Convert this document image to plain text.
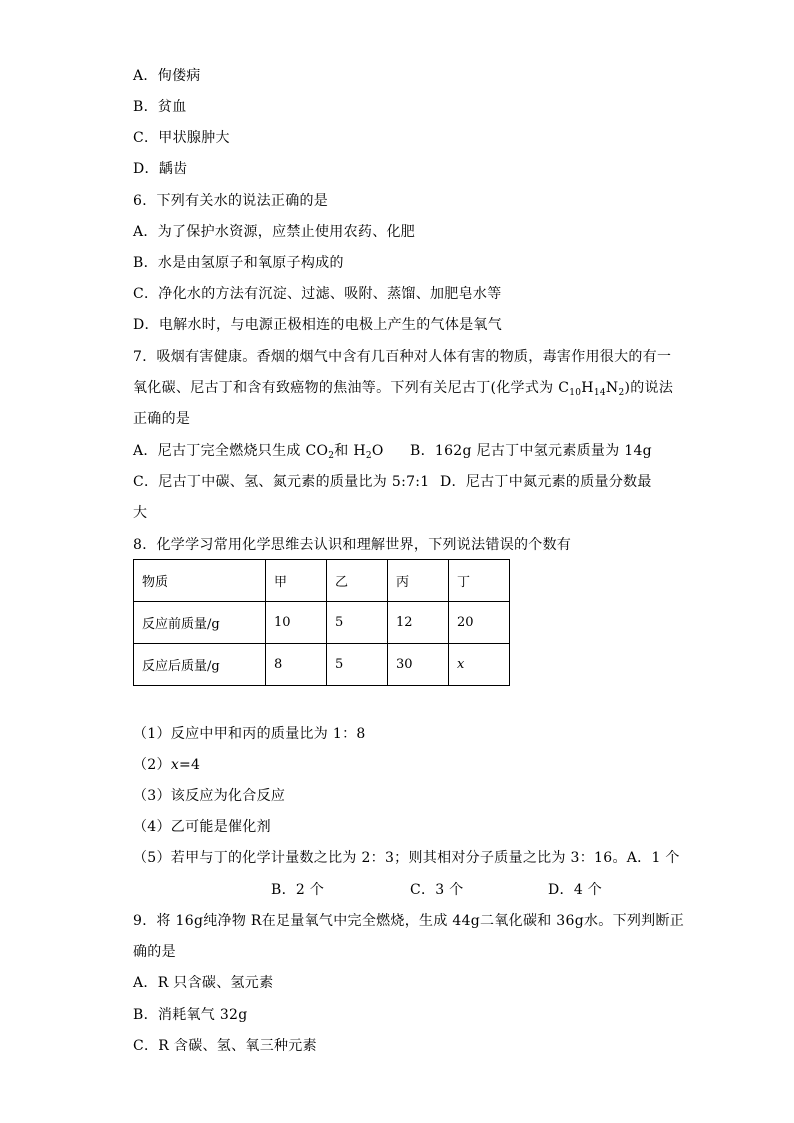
A．佝偻病
B．贫血
C．甲状腺肿大
D．龋齿
6．下列有关水的说法正确的是
A．为了保护水资源，应禁止使用农药、化肥
B．水是由氢原子和氧原子构成的
C．净化水的方法有沉淀、过滤、吸附、蒸馏、加肥皂水等
D．电解水时，与电源正极相连的电极上产生的气体是氧气
7．吸烟有害健康。香烟的烟气中含有几百种对人体有害的物质，毒害作用很大的有一
氧化碳、尼古丁和含有致癌物的焦油等。下列有关尼古丁(化学式为 $C_{10}H_{14}N_2$)的说法
正确的是
A．尼古丁完全燃烧只生成 $CO_2$和 $H_2O$ B．162g 尼古丁中氢元素质量为 14g
C．尼古丁中碳、氢、氮元素的质量比为 5:7:1 D．尼古丁中氮元素的质量分数最
大
8．化学学习常用化学思维去认识和理解世界，下列说法错误的个数有
物质	甲	乙	丙	丁
反应前质量/g	10	5	12	20
反应后质量/g	8	5	30	x
（1）反应中甲和丙的质量比为 1：8
（2）x=4
（3）该反应为化合反应
（4）乙可能是催化剂
（5）若甲与丁的化学计量数之比为 2：3；则其相对分子质量之比为 3：16。A．1 个
B．2 个	C．3 个	D．4 个
9．将 16g纯净物 R在足量氧气中完全燃烧，生成 44g二氧化碳和 36g水。下列判断正
确的是
A．R 只含碳、氢元素
B．消耗氧气 32g
C．R 含碳、氢、氧三种元素
